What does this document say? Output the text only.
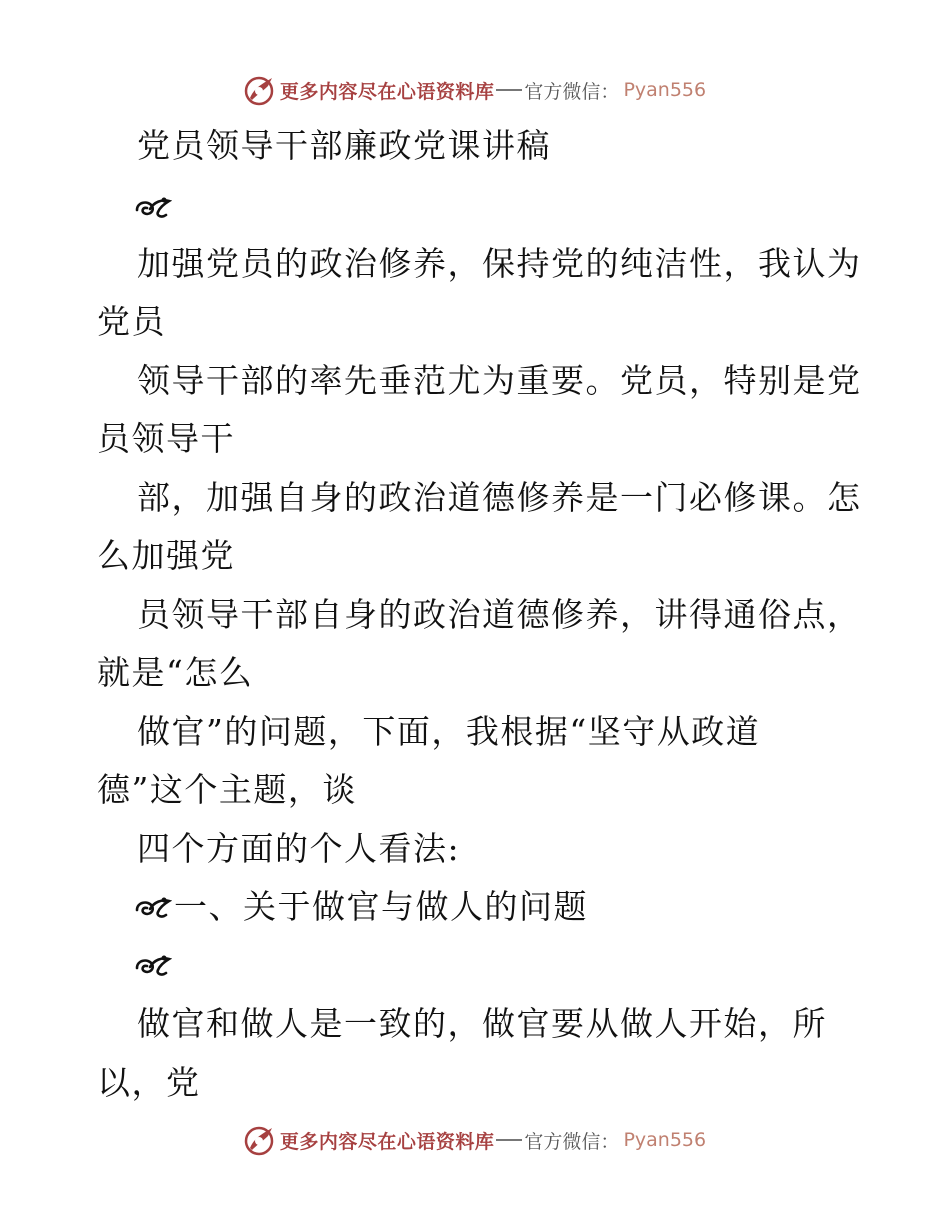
更多内容尽在心语资料库 官方微信： Pyan556
党员领导干部廉政党课讲稿
加强党员的政治修养，保持党的纯洁性，我认为
党员
领导干部的率先垂范尤为重要。党员，特别是党
员领导干
部，加强自身的政治道德修养是一门必修课。怎
么加强党
员领导干部自身的政治道德修养，讲得通俗点，
就是“怎么
做官”的问题，下面，我根据“坚守从政道
德”这个主题，谈
四个方面的个人看法:
一、关于做官与做人的问题
做官和做人是一致的，做官要从做人开始，所
以，党
更多内容尽在心语资料库 官方微信： Pyan556
